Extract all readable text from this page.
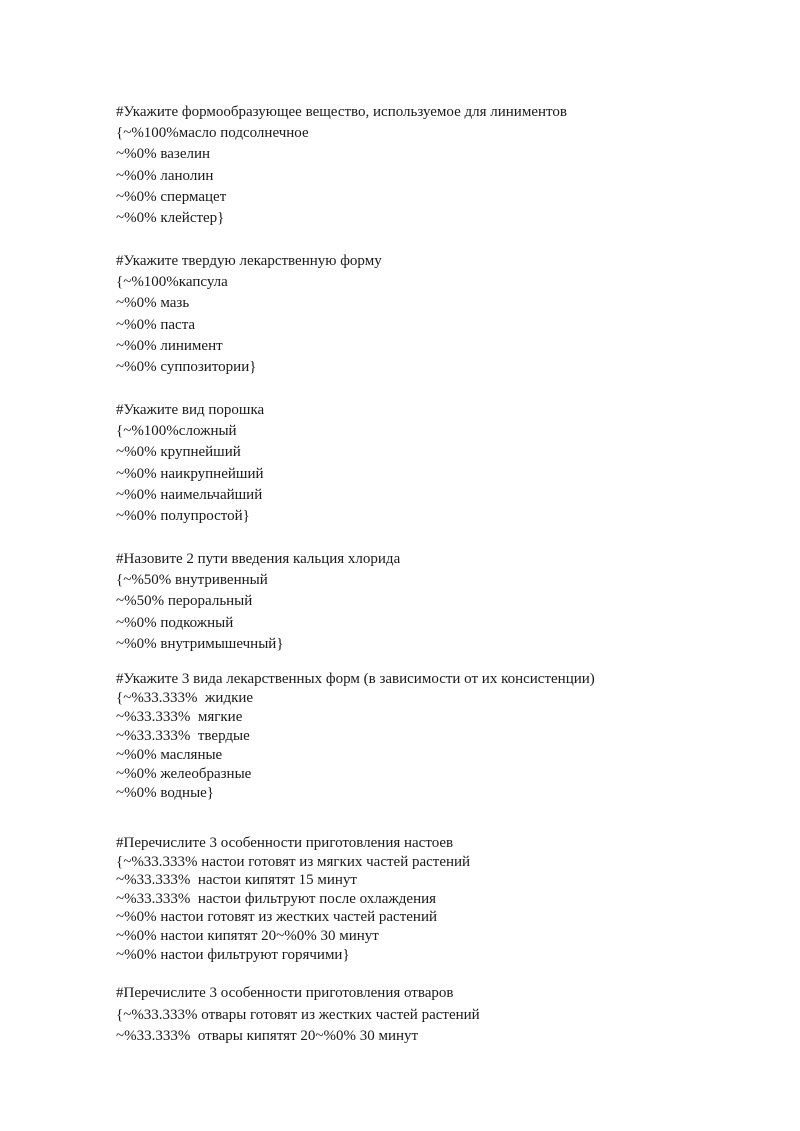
#Укажите формообразующее вещество, используемое для линиментов
{~%100%масло подсолнечное
~%0% вазелин
~%0% ланолин
~%0% спермацет
~%0% клейстер}
#Укажите твердую лекарственную форму
{~%100%капсула
~%0% мазь
~%0% паста
~%0% линимент
~%0% суппозитории}
#Укажите вид порошка
{~%100%сложный
~%0% крупнейший
~%0% наикрупнейший
~%0% наимельчайший
~%0% полупростой}
#Назовите 2 пути введения кальция хлорида
{~%50% внутривенный
~%50% пероральный
~%0% подкожный
~%0% внутримышечный}
#Укажите 3 вида лекарственных форм (в зависимости от их консистенции)
{~%33.333%  жидкие
~%33.333%  мягкие
~%33.333%  твердые
~%0% масляные
~%0% желеобразные
~%0% водные}
#Перечислите 3 особенности приготовления настоев
{~%33.333% настои готовят из мягких частей растений
~%33.333%  настои кипятят 15 минут
~%33.333%  настои фильтруют после охлаждения
~%0% настои готовят из жестких частей растений
~%0% настои кипятят 20~%0% 30 минут
~%0% настои фильтруют горячими}
#Перечислите 3 особенности приготовления отваров
{~%33.333% отвары готовят из жестких частей растений
~%33.333%  отвары кипятят 20~%0% 30 минут
